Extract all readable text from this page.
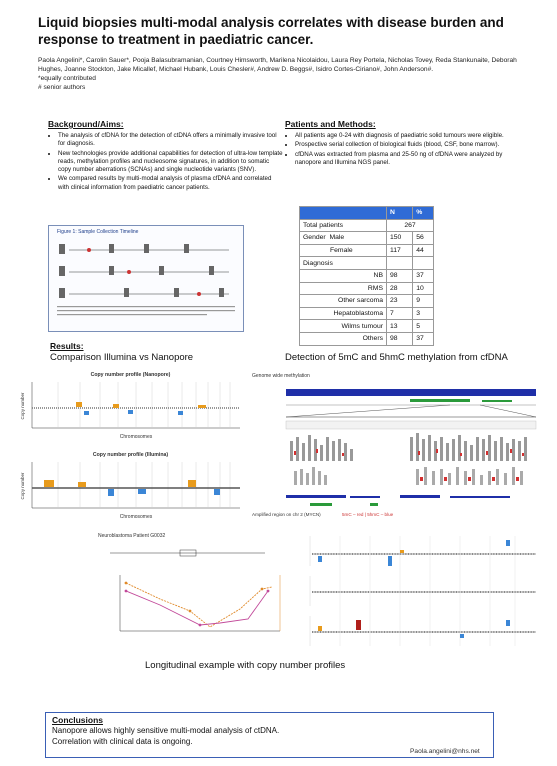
Liquid biopsies multi-modal analysis correlates with disease burden and response to treatment in paediatric cancer.
Paola Angelini*, Carolin Sauer*, Pooja Balasubramanian, Courtney Himsworth, Marilena Nicolaidou, Laura Rey Portela, Nicholas Tovey, Reda Stankunaite, Deborah Hughes, Joanne Stockton, Jake Micallef, Michael Hubank, Louis Chesler#, Andrew D. Beggs#, Isidro Cortes-Ciriano#, John Anderson#.
*equally contributed
# senior authors
Background/Aims:
• The analysis of cfDNA for the detection of ctDNA offers a minimally invasive tool for diagnosis.
• New technologies provide additional capabilities for detection of ultra-low template reads, methylation profiles and nucleosome signatures, in addition to somatic copy number aberrations (SCNAs) and single nucleotide variants (SNV).
• We compared results by multi-modal analysis of plasma cfDNA and correlated with clinical information from paediatric cancer patients.
Figure 1: Sample Collection Timeline
Patients and Methods:
• All patients age 0-24 with diagnosis of paediatric solid tumours were eligible.
• Prospective serial collection of biological fluids (blood, CSF, bone marrow).
• cfDNA was extracted from plasma and 25-50 ng of cfDNA were analyzed by nanopore and Illumina NGS panel.
	N	%
Total patients	267	
Gender Male	150	56
Female	117	44
Diagnosis		
NB	98	37
RMS	28	10
Other sarcoma	23	9
Hepatoblastoma	7	3
Wilms tumour	13	5
Others	98	37
Results:
Comparison Illumina vs Nanopore	Detection of 5mC and 5hmC methylation from cfDNA
Copy number profile (Nanopore)
Chromosomes
Copy number
Copy number profile (Illumina)
Chromosomes
Copy number
Genome wide methylation
Amplified region on chr 2 (MYCN)	5mC – red | 5hmC – blue
Neuroblastoma Patient G0032
Longitudinal example with copy number profiles
Conclusions
Nanopore allows highly sensitive multi-modal analysis of ctDNA.
Correlation with clinical data is ongoing.
Paola.angelini@nhs.net
